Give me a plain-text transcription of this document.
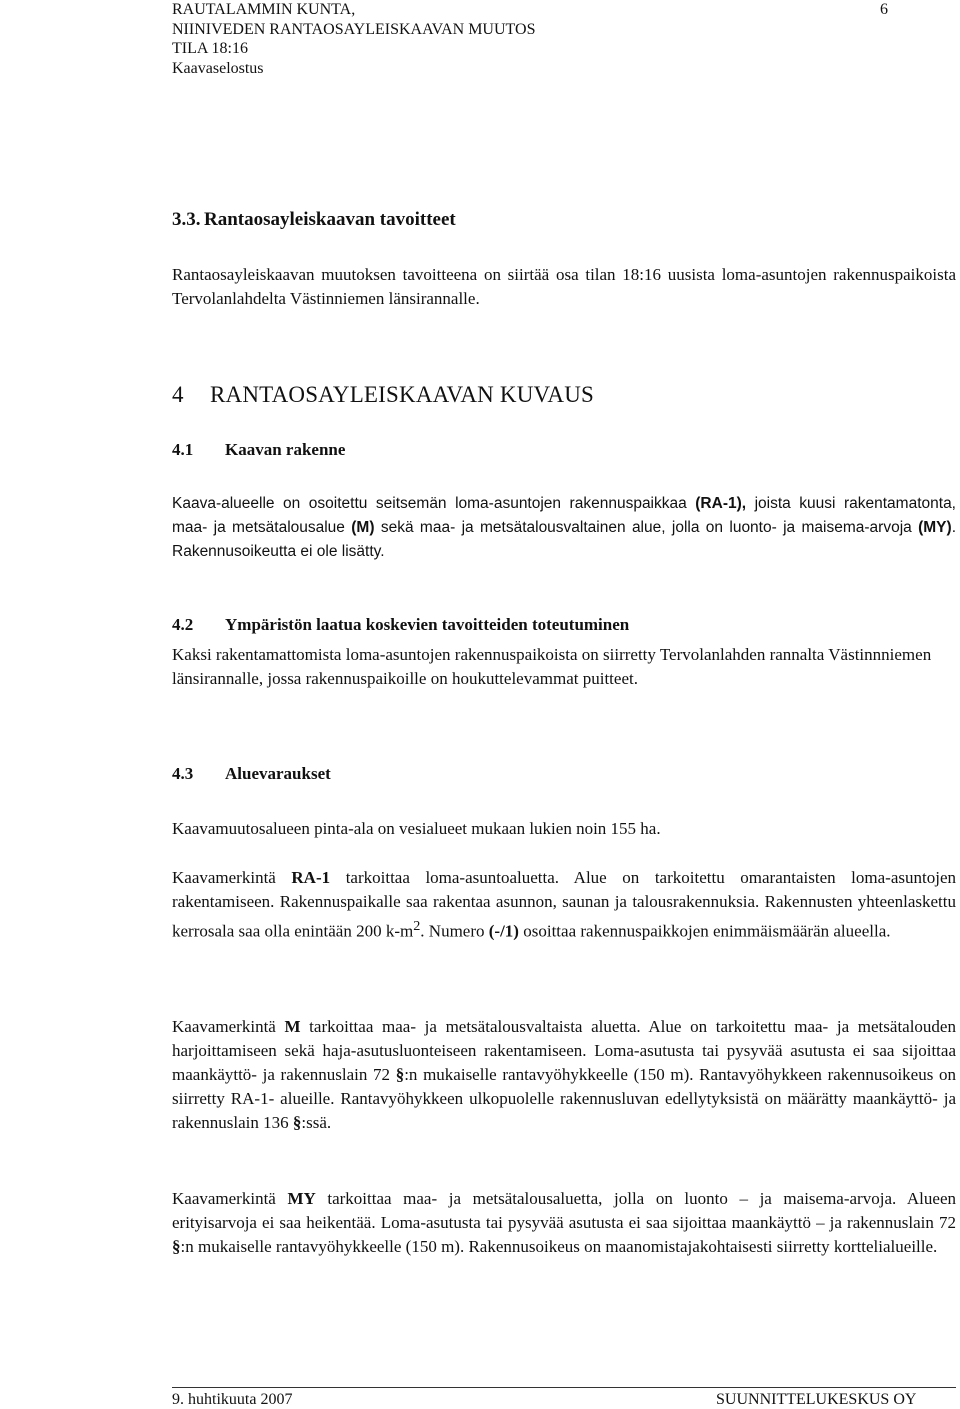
RAUTALAMMIN KUNTA,
NIINIVEDEN RANTAOSAYLEISKAAVAN MUUTOS
TILA 18:16
Kaavaselostus
6
3.3. Rantaosayleiskaavan tavoitteet

Rantaosayleiskaavan muutoksen tavoitteena on siirtää osa tilan 18:16 uusista loma-asuntojen rakennuspaikoista Tervolanlahdelta Västinniemen länsirannalle.

4 RANTAOSAYLEISKAAVAN KUVAUS
4.1 Kaavan rakenne

Kaava-alueelle on osoitettu seitsemän loma-asuntojen rakennuspaikkaa (RA-1), joista kuusi rakentamatonta, maa- ja metsätalousalue (M) sekä maa- ja metsätalousvaltainen alue, jolla on luonto- ja maisema-arvoja (MY). Rakennusoikeutta ei ole lisätty.

4.2 Ympäristön laatua koskevien tavoitteiden toteutuminen

Kaksi rakentamattomista loma-asuntojen rakennuspaikoista on siirretty Tervolanlahden rannalta Västinnniemen länsirannalle, jossa rakennuspaikoille on houkuttelevammat puitteet.

4.3 Aluevaraukset

Kaavamuutosalueen pinta-ala on vesialueet mukaan lukien noin 155 ha.

Kaavamerkintä RA-1 tarkoittaa loma-asuntoaluetta. Alue on tarkoitettu omarantaisten loma-asuntojen rakentamiseen. Rakennuspaikalle saa rakentaa asunnon, saunan ja talousrakennuksia. Rakennusten yhteenlaskettu kerrosala saa olla enintään 200 $k-m^2$. Numero (-/1) osoittaa rakennuspaikkojen enimmäismäärän alueella.

Kaavamerkintä M tarkoittaa maa- ja metsätalousvaltaista aluetta. Alue on tarkoitettu maa- ja metsätalouden harjoittamiseen sekä haja-asutusluonteiseen rakentamiseen. Loma-asutusta tai pysyvää asutusta ei saa sijoittaa maankäyttö- ja rakennuslain 72 §:n mukaiselle rantavyöhykkeelle (150 m). Rantavyöhykkeen rakennusoikeus on siirretty RA-1- alueille. Rantavyöhykkeen ulkopuolelle rakennusluvan edellytyksistä on määrätty maankäyttö- ja rakennuslain 136 §:ssä.

Kaavamerkintä MY tarkoittaa maa- ja metsätalousaluetta, jolla on luonto – ja maisema-arvoja. Alueen erityisarvoja ei saa heikentää. Loma-asutusta tai pysyvää asutusta ei saa sijoittaa maankäyttö – ja rakennuslain 72 §:n mukaiselle rantavyöhykkeelle (150 m). Rakennusoikeus on maanomistajakohtaisesti siirretty korttelialueille.

9. huhtikuuta 2007	SUUNNITTELUKESKUS OY
